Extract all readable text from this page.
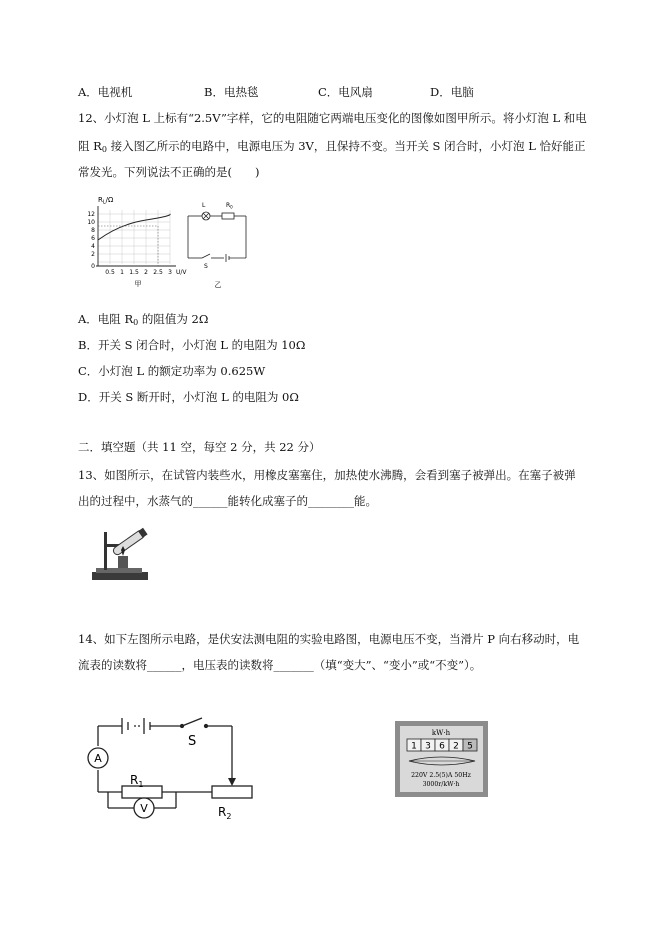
A．电视机	B．电热毯	C．电风扇	D．电脑
12、小灯泡 L 上标有“2.5V”字样，它的电阻随它两端电压变化的图像如图甲所示。将小灯泡 L 和电
阻 $R_0$ 接入图乙所示的电路中，电源电压为 3V，且保持不变。当开关 S 闭合时，小灯泡 L 恰好能正
常发光。下列说法不正确的是(　　)
$R_L/\Omega$
12
10
8
6
4
2
0
0.5 1 1.5 2 2.5 3 U/V
甲
L	$R_0$
S
乙
A．电阻 $R_0$ 的阻值为 2Ω
B．开关 S 闭合时，小灯泡 L 的电阻为 10Ω
C．小灯泡 L 的额定功率为 0.625W
D．开关 S 断开时，小灯泡 L 的电阻为 0Ω
二．填空题（共 11 空，每空 2 分，共 22 分）
13、如图所示，在试管内装些水，用橡皮塞塞住，加热使水沸腾，会看到塞子被弹出。在塞子被弹
出的过程中，水蒸气的______能转化成塞子的________能。
14、如下左图所示电路，是伏安法测电阻的实验电路图，电源电压不变，当滑片 P 向右移动时，电
流表的读数将______，电压表的读数将_______（填“变大”、“变小”或“不变”）。
A
V
S
$R_1$
$R_2$
kW·h
1 3 6 2 5
220V 2.5(5)A 50Hz
3000r/kW·h
